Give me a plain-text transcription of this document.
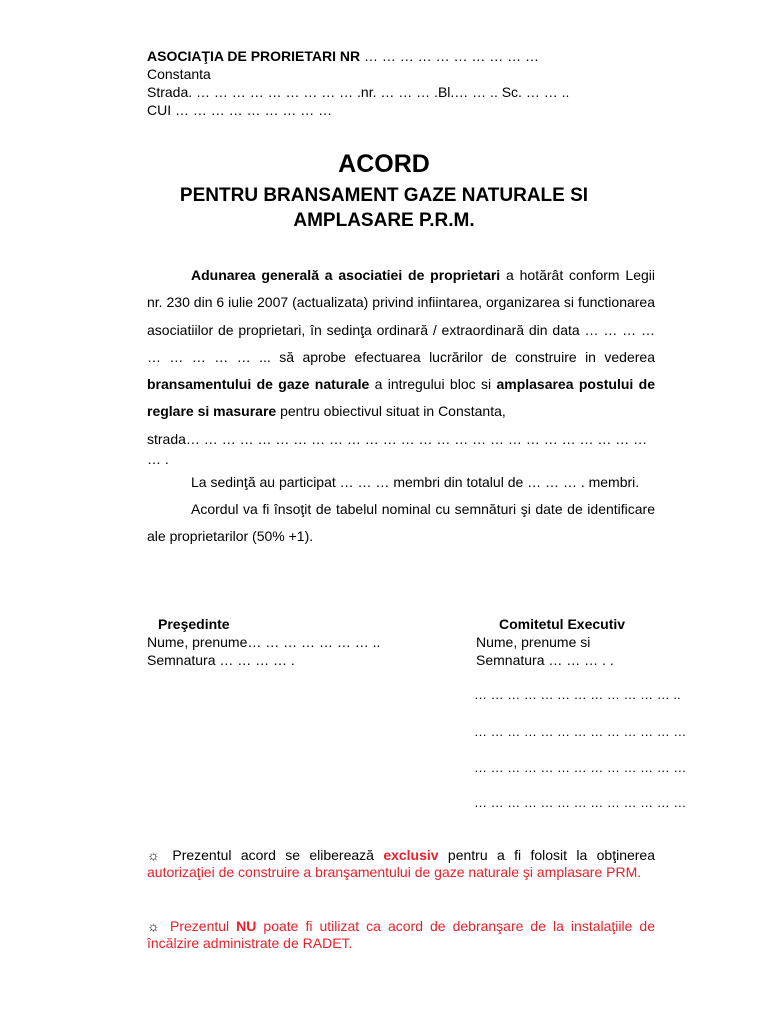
ASOCIAŢIA DE PRORIETARI NR … … … … … … … … … …
Constanta
Strada. … … … … … … … … … .nr. … … … .Bl.… … .. Sc. … … ..
CUI … … … … … … … … …
ACORD
PENTRU BRANSAMENT GAZE NATURALE SI
AMPLASARE P.R.M.

Adunarea generală a asociatiei de proprietari a hotărât conform Legii nr. 230 din 6 iulie 2007 (actualizata) privind infiintarea, organizarea si functionarea asociatiilor de proprietari, în sedinţa ordinară / extraordinară din data … … … … … … … … … ... să aprobe efectuarea lucrărilor de construire in vederea bransamentului de gaze naturale a intregului bloc si amplasarea postului de reglare si masurare pentru obiectivul situat in Constanta,

strada… … … … … … … … … … … … … … … … … … … … … … … … … … … .

La sedinţă au participat … … … membri din totalul de … … … . membri.

Acordul va fi însoţit de tabelul nominal cu semnături şi date de identificare ale proprietarilor (50% +1).

Preşedinte
Nume, prenume… … … … … … … ..
Semnatura … … … … .
Comitetul Executiv
Nume, prenume si
Semnatura … … … . .
… … … … … … … … … … … … ..
… … … … … … … … … … … … …
… … … … … … … … … … … … …
… … … … … … … … … … … … …
☼ Prezentul acord se eliberează exclusiv pentru a fi folosit la obţinerea autorizaţiei de construire a branşamentului de gaze naturale şi amplasare PRM.
☼ Prezentul NU poate fi utilizat ca acord de debranşare de la instalaţiile de încălzire administrate de RADET.
